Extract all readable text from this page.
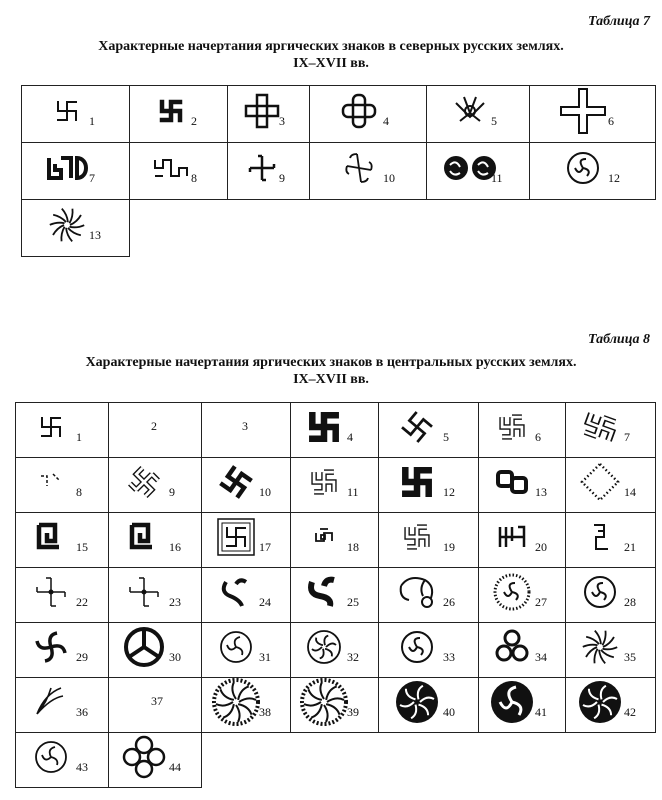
Таблица 7
Характерные начертания яргических знаков в северных русских землях.
IX–XVII вв.
1	2	3	4	5	6

7	8	9	10	11	12

13					

Таблица 8
Характерные начертания яргических знаков в центральных русских землях.
IX–XVII вв.
1	2	3	4	5	6	7

8	9	10	11	12	13	14

15	16	17	18	19	20	21

22	23	24	25	26	27	28

29	30	31	32	33	34	35

36	37	38	39	40	41	42

43	44					
